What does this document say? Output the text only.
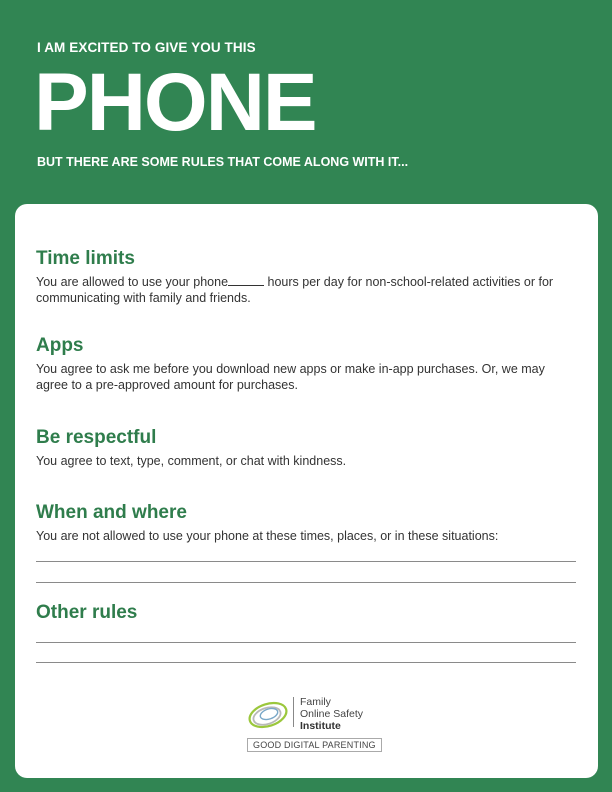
I AM EXCITED TO GIVE YOU THIS
PHONE
BUT THERE ARE SOME RULES THAT COME ALONG WITH IT...
Time limits

You are allowed to use your phone	hours per day for non-school-related activities or for communicating with family and friends.

Apps

You agree to ask me before you download new apps or make in-app purchases. Or, we may agree to a pre-approved amount for purchases.

Be respectful

You agree to text, type, comment, or chat with kindness.

When and where

You are not allowed to use your phone at these times, places, or in these situations:

Other rules
Family
Online Safety
Institute
GOOD DIGITAL PARENTING
